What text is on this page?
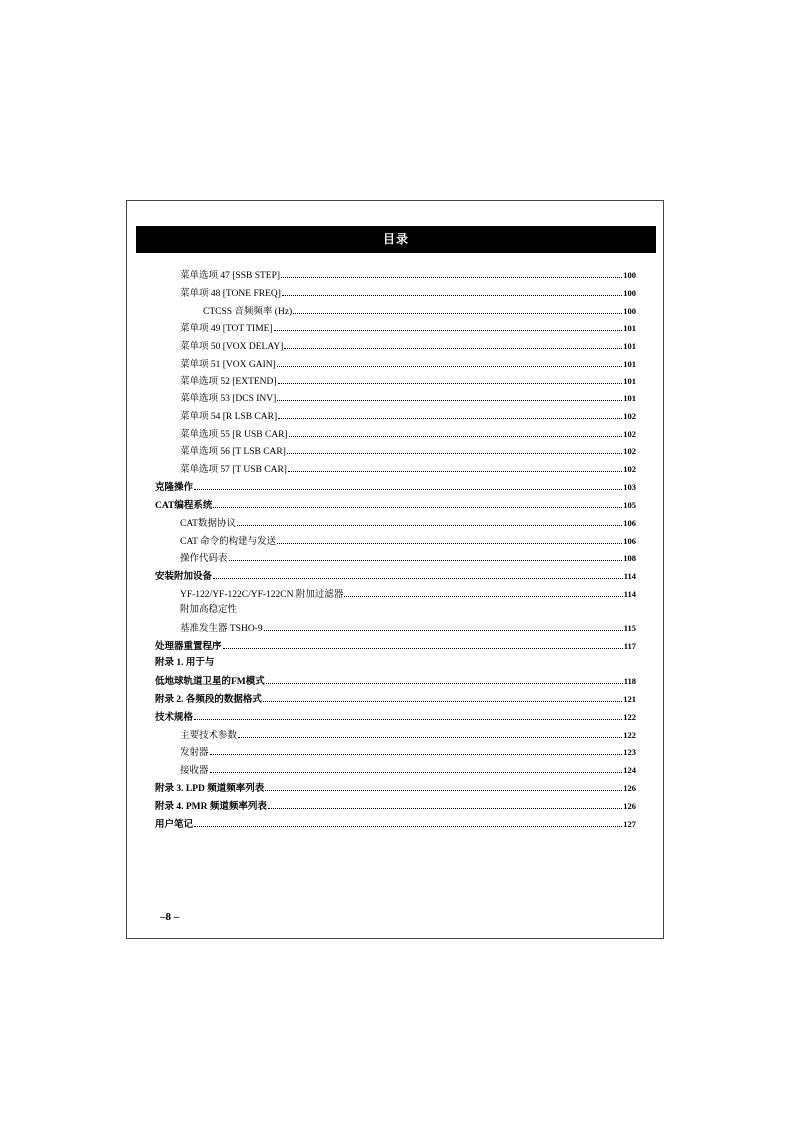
目录
菜单选项 47 [SSB STEP]	100
菜单项 48 [TONE FREQ]	100
CTCSS 音频频率 (Hz)	100
菜单项 49 [TOT TIME]	101
菜单项 50 [VOX DELAY]	101
菜单项 51 [VOX GAIN]	101
菜单选项 52 [EXTEND]	101
菜单选项 53 [DCS INV]	101
菜单项 54 [R LSB CAR]	102
菜单选项 55 [R USB CAR]	102
菜单选项 56 [T LSB CAR]	102
菜单选项 57 [T USB CAR]	102
克隆操作	103
CAT编程系统	105
CAT数据协议	106
CAT 命令的构建与发送	106
操作代码表	108
安装附加设备	114
YF-122/YF-122C/YF-122CN 附加过滤器	114
附加高稳定性
基准发生器 TSHO-9	115
处理器重置程序	117
附录 1. 用于与
低地球轨道卫星的FM模式	118
附录 2. 各频段的数据格式	121
技术规格	122
主要技术参数	122
发射器	123
接收器	124
附录 3. LPD 频道频率列表	126
附录 4. PMR 频道频率列表	126
用户笔记	127
–8 –
